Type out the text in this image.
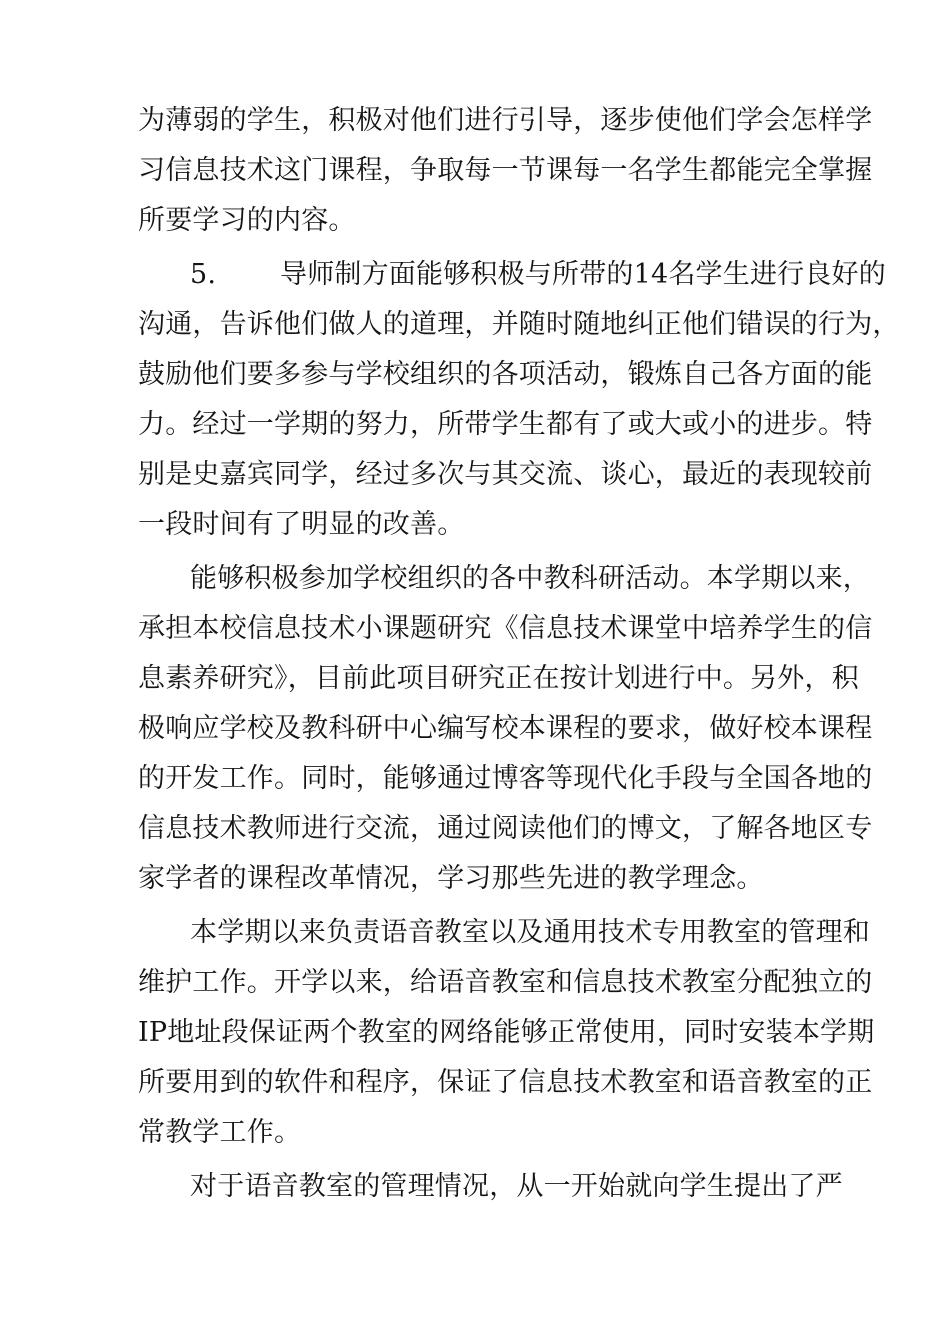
为薄弱的学生，积极对他们进行引导，逐步使他们学会怎样学
习信息技术这门课程，争取每一节课每一名学生都能完全掌握
所要学习的内容。
5. 导师制方面能够积极与所带的14名学生进行良好的
沟通，告诉他们做人的道理，并随时随地纠正他们错误的行为，
鼓励他们要多参与学校组织的各项活动，锻炼自己各方面的能
力。经过一学期的努力，所带学生都有了或大或小的进步。特
别是史嘉宾同学，经过多次与其交流、谈心，最近的表现较前
一段时间有了明显的改善。
能够积极参加学校组织的各中教科研活动。本学期以来，
承担本校信息技术小课题研究《信息技术课堂中培养学生的信
息素养研究》，目前此项目研究正在按计划进行中。另外，积
极响应学校及教科研中心编写校本课程的要求，做好校本课程
的开发工作。同时，能够通过博客等现代化手段与全国各地的
信息技术教师进行交流，通过阅读他们的博文，了解各地区专
家学者的课程改革情况，学习那些先进的教学理念。
本学期以来负责语音教室以及通用技术专用教室的管理和
维护工作。开学以来，给语音教室和信息技术教室分配独立的
IP地址段保证两个教室的网络能够正常使用，同时安装本学期
所要用到的软件和程序，保证了信息技术教室和语音教室的正
常教学工作。
对于语音教室的管理情况，从一开始就向学生提出了严
